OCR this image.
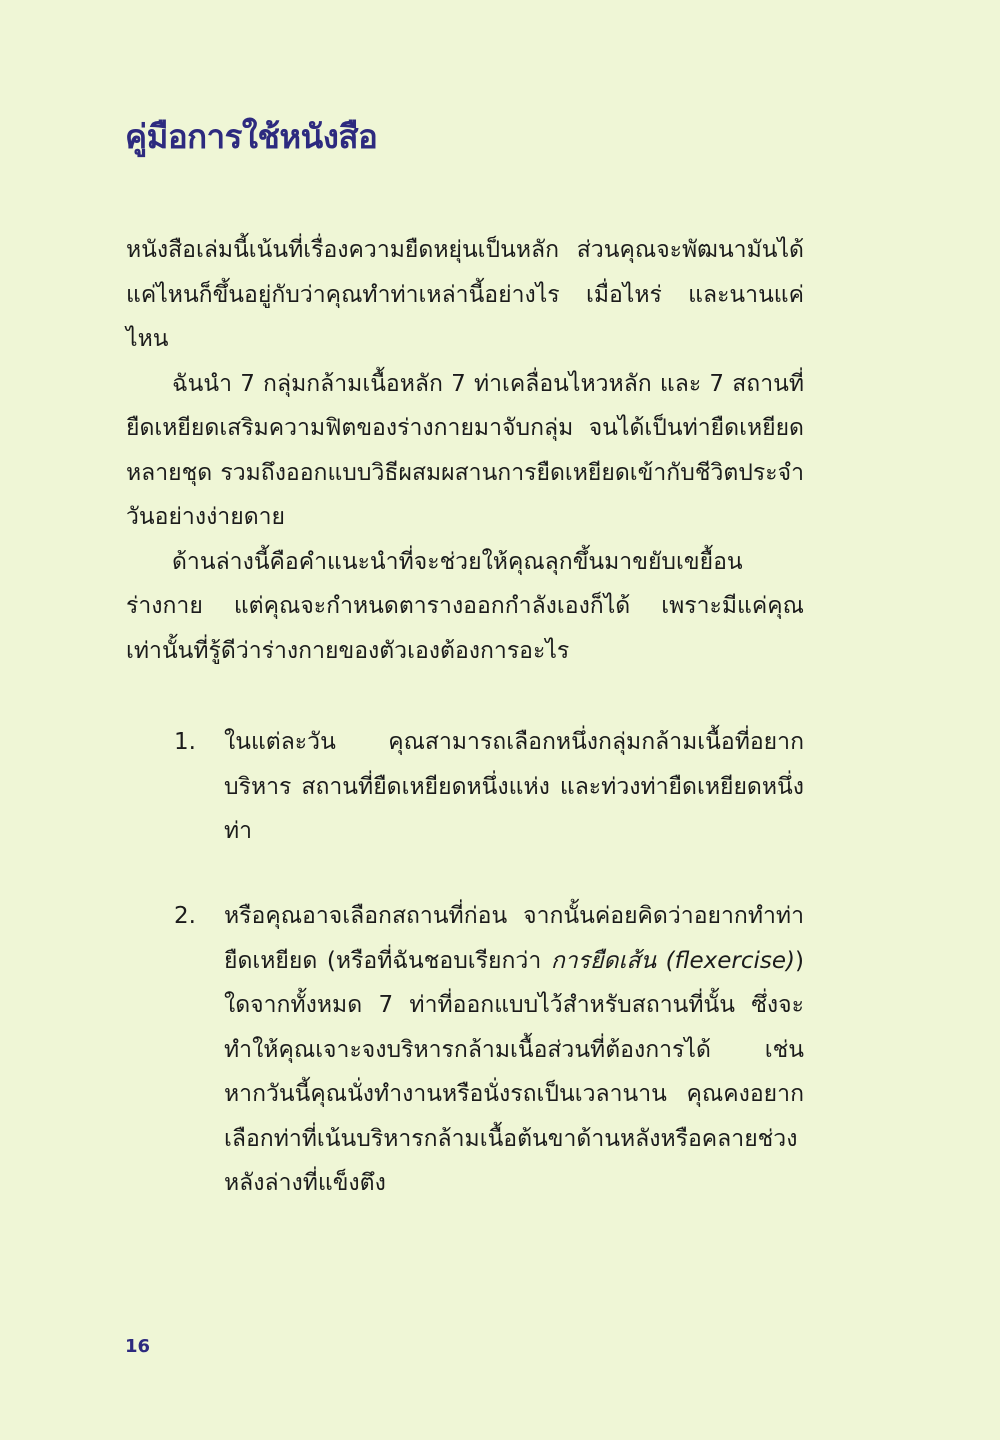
คู่มือการใช้หนังสือ

หนังสือเล่มนี้เน้นที่เรื่องความยืดหยุ่นเป็นหลัก ส่วนคุณจะพัฒนามันได้แค่ไหนก็ขึ้นอยู่กับว่าคุณทำท่าเหล่านี้อย่างไร เมื่อไหร่ และนานแค่ไหน

ฉันนำ 7 กลุ่มกล้ามเนื้อหลัก 7 ท่าเคลื่อนไหวหลัก และ 7 สถานที่ยืดเหยียดเสริมความฟิตของร่างกายมาจับกลุ่ม จนได้เป็นท่ายืดเหยียดหลายชุด รวมถึงออกแบบวิธีผสมผสานการยืดเหยียดเข้ากับชีวิตประจำวันอย่างง่ายดาย

ด้านล่างนี้คือคำแนะนำที่จะช่วยให้คุณลุกขึ้นมาขยับเขยื้อนร่างกาย แต่คุณจะกำหนดตารางออกกำลังเองก็ได้ เพราะมีแค่คุณเท่านั้นที่รู้ดีว่าร่างกายของตัวเองต้องการอะไร

1. ในแต่ละวัน คุณสามารถเลือกหนึ่งกลุ่มกล้ามเนื้อที่อยากบริหาร สถานที่ยืดเหยียดหนึ่งแห่ง และท่วงท่ายืดเหยียดหนึ่งท่า

2. หรือคุณอาจเลือกสถานที่ก่อน จากนั้นค่อยคิดว่าอยากทำท่ายืดเหยียด (หรือที่ฉันชอบเรียกว่า การยืดเส้น (flexercise)) ใดจากทั้งหมด 7 ท่าที่ออกแบบไว้สำหรับสถานที่นั้น ซึ่งจะทำให้คุณเจาะจงบริหารกล้ามเนื้อส่วนที่ต้องการได้ เช่น หากวันนี้คุณนั่งทำงานหรือนั่งรถเป็นเวลานาน คุณคงอยากเลือกท่าที่เน้นบริหารกล้ามเนื้อต้นขาด้านหลังหรือคลายช่วงหลังล่างที่แข็งตึง

16
